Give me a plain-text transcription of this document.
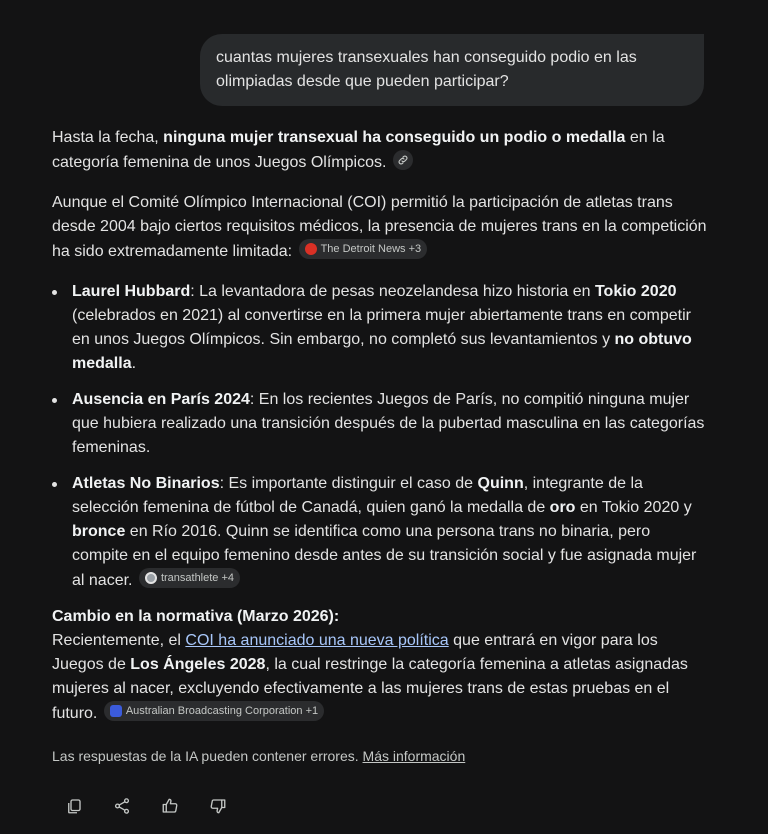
cuantas mujeres transexuales han conseguido podio en las
olimpiadas desde que pueden participar?

Hasta la fecha, ninguna mujer transexual ha conseguido un podio o medalla en la categoría femenina de unos Juegos Olímpicos.

Aunque el Comité Olímpico Internacional (COI) permitió la participación de atletas trans desde 2004 bajo ciertos requisitos médicos, la presencia de mujeres trans en la competición ha sido extremadamente limitada:	The Detroit News +3

Laurel Hubbard: La levantadora de pesas neozelandesa hizo historia en Tokio 2020 (celebrados en 2021) al convertirse en la primera mujer abiertamente trans en competir en unos Juegos Olímpicos. Sin embargo, no completó sus levantamientos y no obtuvo medalla.
Ausencia en París 2024: En los recientes Juegos de París, no compitió ninguna mujer que hubiera realizado una transición después de la pubertad masculina en las categorías femeninas.
Atletas No Binarios: Es importante distinguir el caso de Quinn, integrante de la selección femenina de fútbol de Canadá, quien ganó la medalla de oro en Tokio 2020 y bronce en Río 2016. Quinn se identifica como una persona trans no binaria, pero compite en el equipo femenino desde antes de su transición social y fue asignada mujer al nacer.	transathlete +4

Cambio en la normativa (Marzo 2026):
Recientemente, el COI ha anunciado una nueva política que entrará en vigor para los Juegos de Los Ángeles 2028, la cual restringe la categoría femenina a atletas asignadas mujeres al nacer, excluyendo efectivamente a las mujeres trans de estas pruebas en el futuro.	Australian Broadcasting Corporation +1

Las respuestas de la IA pueden contener errores. Más información
